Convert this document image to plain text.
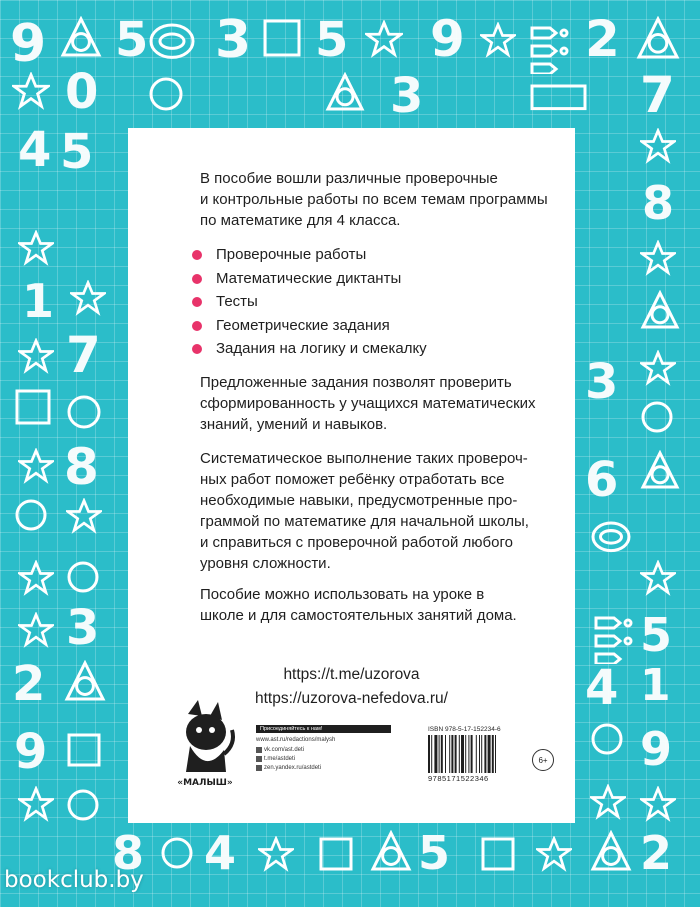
9 5 3 5 9 2
0	3	7
4 5
8
1
7	3
8	6
3	5
2	4 1
9	9
8 4	5	2

В пособие вошли различные проверочные
и контрольные работы по всем темам программы
по математике для 4 класса.

Проверочные работы
Математические диктанты
Тесты
Геометрические задания
Задания на логику и смекалку

Предложенные задания позволят проверить
сформированность у учащихся математических
знаний, умений и навыков.

Систематическое выполнение таких провероч-
ных работ поможет ребёнку отработать все
необходимые навыки, предусмотренные про-
граммой по математике для начальной школы,
и справиться с проверочной работой любого
уровня сложности.

Пособие можно использовать на уроке в
школе и для самостоятельных занятий дома.

https://t.me/uzorova
https://uzorova-nefedova.ru/
«МАЛЫШ»
Присоединяйтесь к нам!
www.ast.ru/redactions/malysh
vk.com/ast.deti
t.me/astdeti
zen.yandex.ru/astdeti
ISBN 978-5-17-152234-6
9785171522346
6+
bookclub.by
